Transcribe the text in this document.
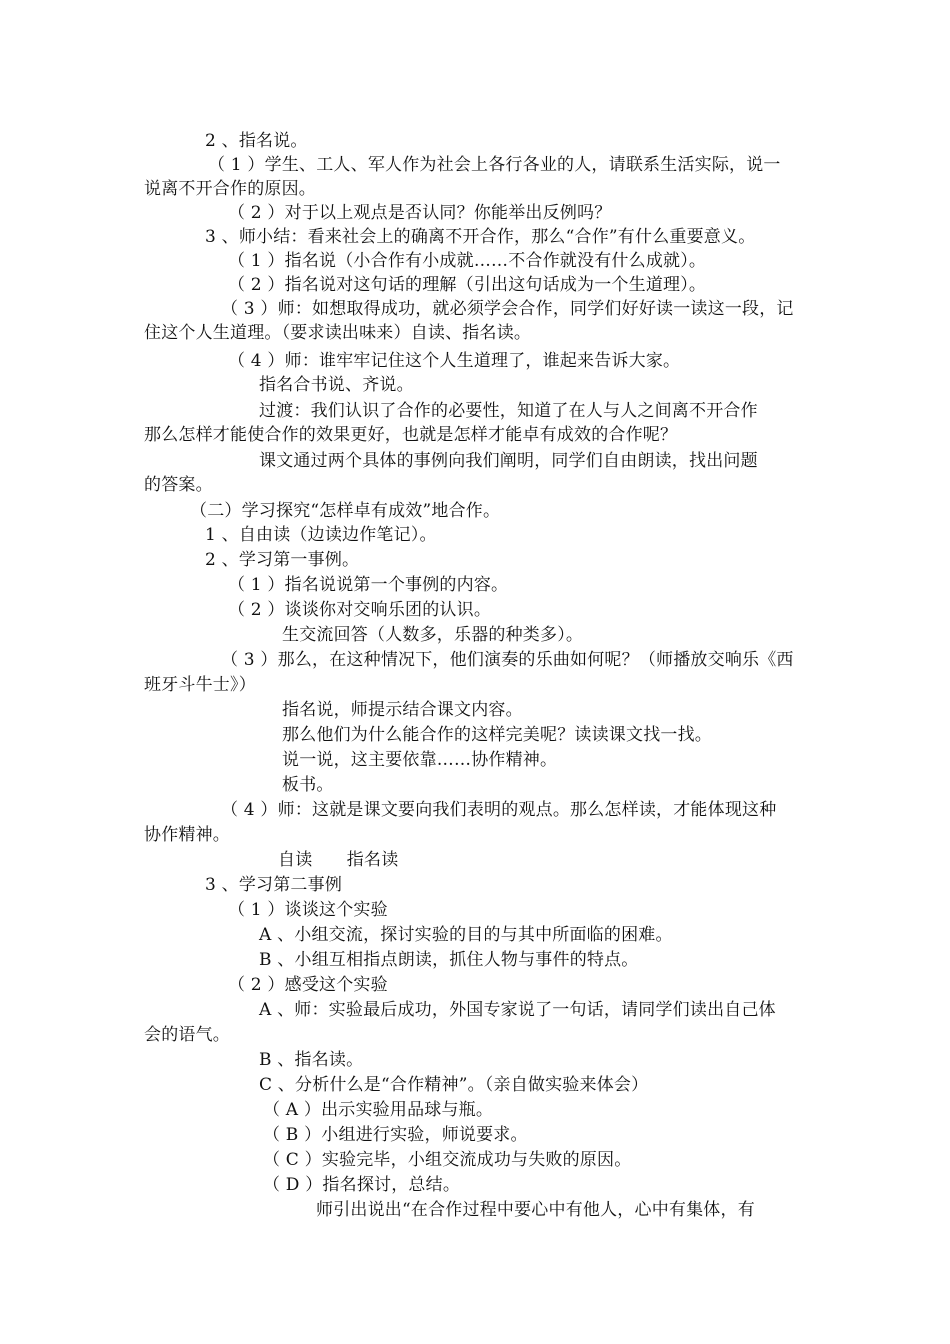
2 、指名说。
（ 1 ）学生、工人、军人作为社会上各行各业的人，请联系生活实际，说一
说离不开合作的原因。
（ 2 ）对于以上观点是否认同？你能举出反例吗？
3 、师小结：看来社会上的确离不开合作，那么“合作”有什么重要意义。
（ 1 ）指名说（小合作有小成就……不合作就没有什么成就）。
（ 2 ）指名说对这句话的理解（引出这句话成为一个生道理）。
（ 3 ）师：如想取得成功，就必须学会合作，同学们好好读一读这一段，记
住这个人生道理。（要求读出味来）自读、指名读。
（ 4 ）师：谁牢牢记住这个人生道理了，谁起来告诉大家。
指名合书说、齐说。
过渡：我们认识了合作的必要性，知道了在人与人之间离不开合作
那么怎样才能使合作的效果更好，也就是怎样才能卓有成效的合作呢？
课文通过两个具体的事例向我们阐明，同学们自由朗读，找出问题
的答案。
（二）学习探究“怎样卓有成效”地合作。
1 、自由读（边读边作笔记）。
2 、学习第一事例。
（ 1 ）指名说说第一个事例的内容。
（ 2 ）谈谈你对交响乐团的认识。
生交流回答（人数多，乐器的种类多）。
（ 3 ）那么，在这种情况下，他们演奏的乐曲如何呢？（师播放交响乐《西
班牙斗牛士》）
指名说，师提示结合课文内容。
那么他们为什么能合作的这样完美呢？读读课文找一找。
说一说，这主要依靠……协作精神。
板书。
（ 4 ）师：这就是课文要向我们表明的观点。那么怎样读，才能体现这种
协作精神。
自读　　指名读
3 、学习第二事例
（ 1 ）谈谈这个实验
A 、小组交流，探讨实验的目的与其中所面临的困难。
B 、小组互相指点朗读，抓住人物与事件的特点。
（ 2 ）感受这个实验
A 、师：实验最后成功，外国专家说了一句话，请同学们读出自己体
会的语气。
B 、指名读。
C 、分析什么是“合作精神”。（亲自做实验来体会）
（ A ）出示实验用品球与瓶。
（ B ）小组进行实验，师说要求。
（ C ）实验完毕，小组交流成功与失败的原因。
（ D ）指名探讨，总结。
师引出说出“在合作过程中要心中有他人，心中有集体，有
